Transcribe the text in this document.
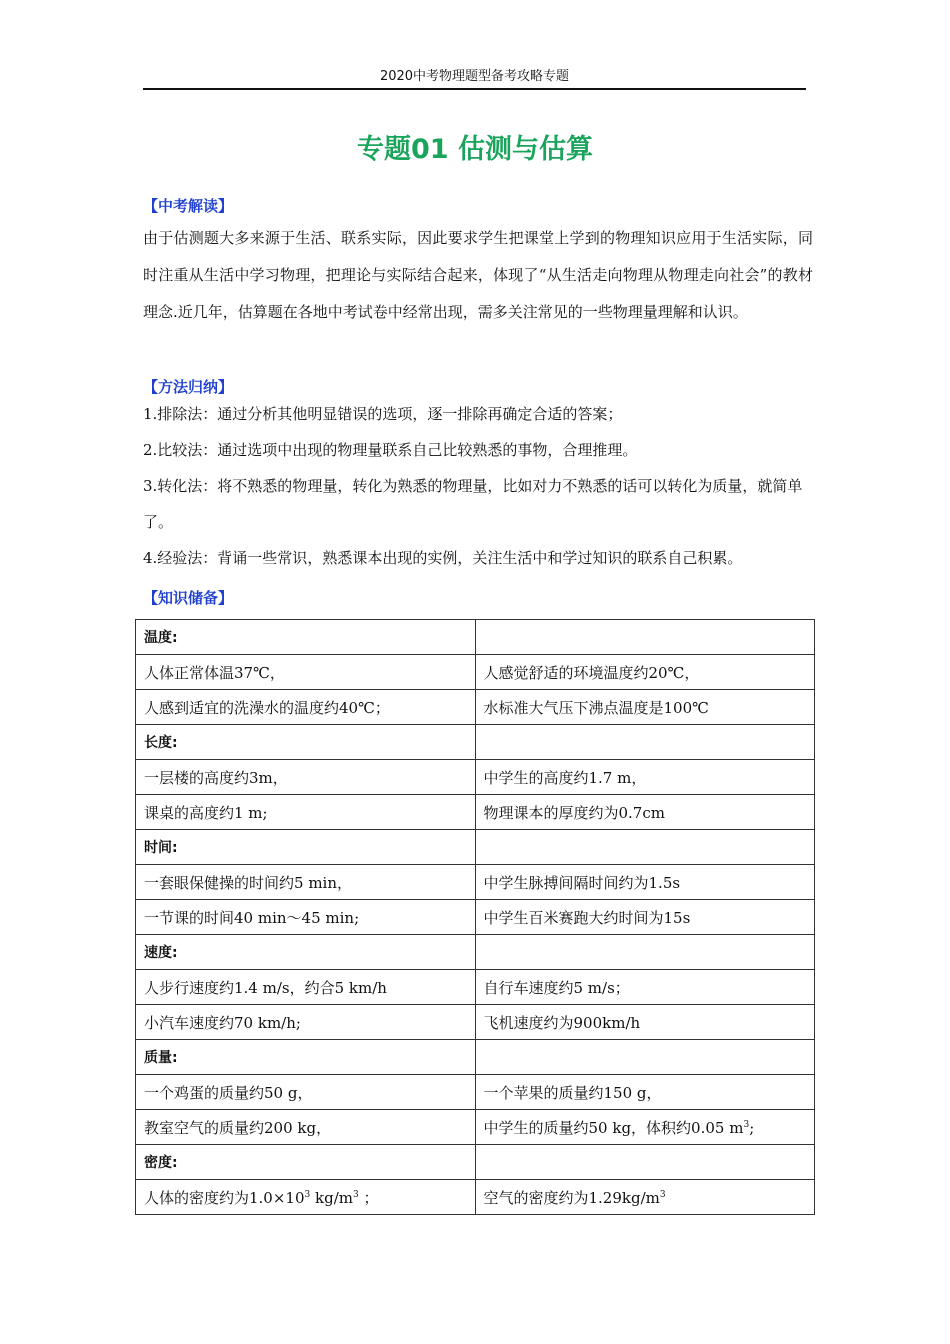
2020中考物理题型备考攻略专题
专题01 估测与估算
【中考解读】
由于估测题大多来源于生活、联系实际，因此要求学生把课堂上学到的物理知识应用于生活实际，同时注重从生活中学习物理，把理论与实际结合起来，体现了“从生活走向物理从物理走向社会”的教材理念.近几年，估算题在各地中考试卷中经常出现，需多关注常见的一些物理量理解和认识。
【方法归纳】
1.排除法：通过分析其他明显错误的选项，逐一排除再确定合适的答案；
2.比较法：通过选项中出现的物理量联系自己比较熟悉的事物，合理推理。
3.转化法：将不熟悉的物理量，转化为熟悉的物理量，比如对力不熟悉的话可以转化为质量，就简单了。
4.经验法：背诵一些常识，熟悉课本出现的实例，关注生活中和学过知识的联系自己积累。
【知识储备】
温度:	
人体正常体温37℃，	人感觉舒适的环境温度约20℃，
人感到适宜的洗澡水的温度约40℃；	水标准大气压下沸点温度是100℃
长度:	
一层楼的高度约3m，	中学生的高度约1.7 m，
课桌的高度约1 m;	物理课本的厚度约为0.7cm
时间:	
一套眼保健操的时间约5 min，	中学生脉搏间隔时间约为1.5s
一节课的时间40 min～45 min;	中学生百米赛跑大约时间为15s
速度:	
人步行速度约1.4 m/s，约合5 km/h	自行车速度约5 m/s；
小汽车速度约70 km/h;	飞机速度约为900km/h
质量:	
一个鸡蛋的质量约50 g，	一个苹果的质量约150 g，
教室空气的质量约200 kg，	中学生的质量约50 kg，体积约0.05 $m^3$;
密度:	
人体的密度约为$1.0\times 10^3$ $kg/m^3$ ；	空气的密度约为$1.29kg/m^3$
